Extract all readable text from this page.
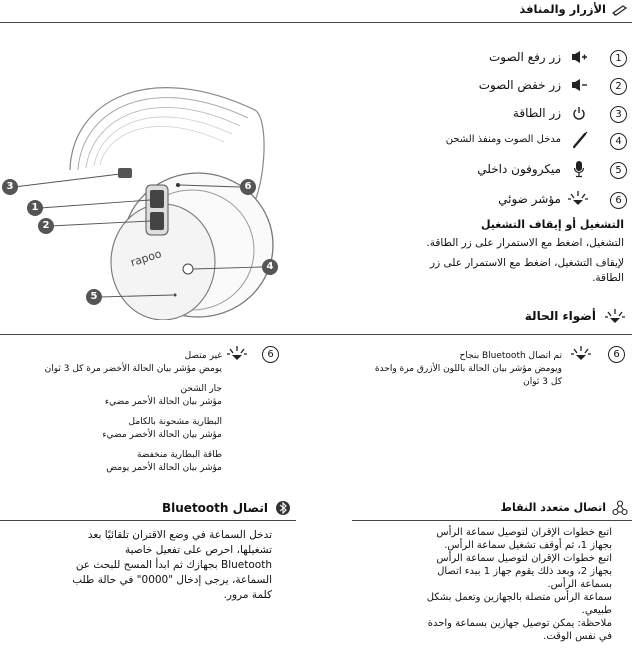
الأزرار والمنافذ
rapoo
3
1
2
6
4
5
1
زر رفع الصوت
2
زر خفض الصوت
3
زر الطاقة
4
مدخل الصوت ومنفذ الشحن
5
ميكروفون داخلي
6
مؤشر ضوئي
التشغيل أو إيقاف التشغيل
التشغيل، اضغط مع الاستمرار على زر الطاقة.
لإيقاف التشغيل، اضغط مع الاستمرار على زر
الطاقة.
أضواء الحالة
6
تم اتصال Bluetooth بنجاح
ويومض مؤشر بيان الحالة باللون الأزرق مرة واحدة
كل 3 ثوان
6
غير متصل
يومض مؤشر بيان الحالة الأخضر مرة كل 3 ثوان
جار الشحن
مؤشر بيان الحالة الأحمر مضيء
البطارية مشحونة بالكامل
مؤشر بيان الحالة الأخضر مضيء
طاقة البطارية منخفضة
مؤشر بيان الحالة الأحمر يومض
اتصال Bluetooth
تدخل السماعة في وضع الاقتران تلقائيًا بعد
تشغيلها، احرص على تفعيل خاصية
Bluetooth بجهازك ثم ابدأ المسح للبحث عن
السماعة، يرجى إدخال "0000" في حالة طلب
كلمة مرور.
اتصال متعدد النقاط
اتبع خطوات الإقران لتوصيل سماعة الرأس
بجهاز 1، ثم أوقف تشغيل سماعة الرأس.
اتبع خطوات الإقران لتوصيل سماعة الرأس
بجهاز 2، وبعد ذلك يقوم جهاز 1 ببدء اتصال
بسماعة الرأس.
سماعة الرأس متصلة بالجهازين وتعمل بشكل
طبيعي.
ملاحظة: يمكن توصيل جهازين بسماعة واحدة
في نفس الوقت.
